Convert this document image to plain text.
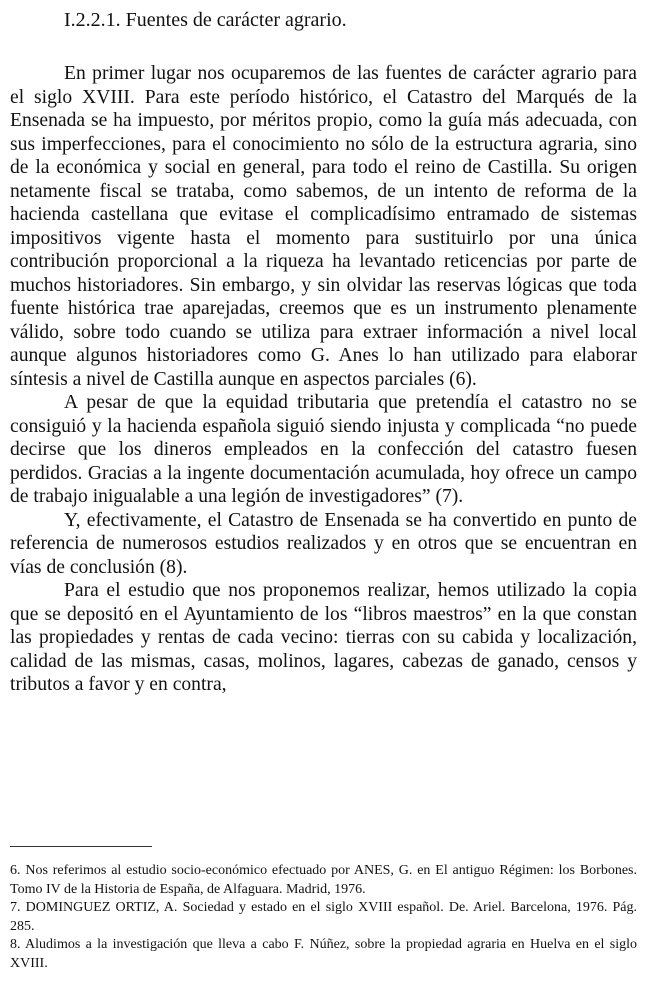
I.2.2.1. Fuentes de carácter agrario.

En primer lugar nos ocuparemos de las fuentes de carácter agrario para el siglo XVIII. Para este período histórico, el Catastro del Marqués de la Ensenada se ha impuesto, por méritos propio, como la guía más adecuada, con sus imperfecciones, para el conocimiento no sólo de la estructura agraria, sino de la económica y social en general, para todo el reino de Castilla. Su origen netamente fiscal se trataba, como sabemos, de un intento de reforma de la hacienda castellana que evitase el complicadísimo entramado de sistemas impositivos vigente hasta el momento para sustituirlo por una única contribución proporcional a la riqueza ha levantado reticencias por parte de muchos historiadores. Sin embargo, y sin olvidar las reservas lógicas que toda fuente histórica trae aparejadas, creemos que es un instrumento plenamente válido, sobre todo cuando se utiliza para extraer información a nivel local aunque algunos historiadores como G. Anes lo han utilizado para elaborar síntesis a nivel de Castilla aunque en aspectos parciales (6).

A pesar de que la equidad tributaria que pretendía el catastro no se consiguió y la hacienda española siguió siendo injusta y complicada “no puede decirse que los dineros empleados en la confección del catastro fuesen perdidos. Gracias a la ingente documentación acumulada, hoy ofrece un campo de trabajo inigualable a una legión de investigadores” (7).

Y, efectivamente, el Catastro de Ensenada se ha convertido en punto de referencia de numerosos estudios realizados y en otros que se encuentran en vías de conclusión (8).

Para el estudio que nos proponemos realizar, hemos utilizado la copia que se depositó en el Ayuntamiento de los “libros maestros” en la que constan las propiedades y rentas de cada vecino: tierras con su cabida y localización, calidad de las mismas, casas, molinos, lagares, cabezas de ganado, censos y tributos a favor y en contra,

6. Nos referimos al estudio socio-económico efectuado por ANES, G. en El antiguo Régimen: los Borbones. Tomo IV de la Historia de España, de Alfaguara. Madrid, 1976.

7. DOMINGUEZ ORTIZ, A. Sociedad y estado en el siglo XVIII español. De. Ariel. Barcelona, 1976. Pág. 285.

8. Aludimos a la investigación que lleva a cabo F. Núñez, sobre la propiedad agraria en Huelva en el siglo XVIII.
